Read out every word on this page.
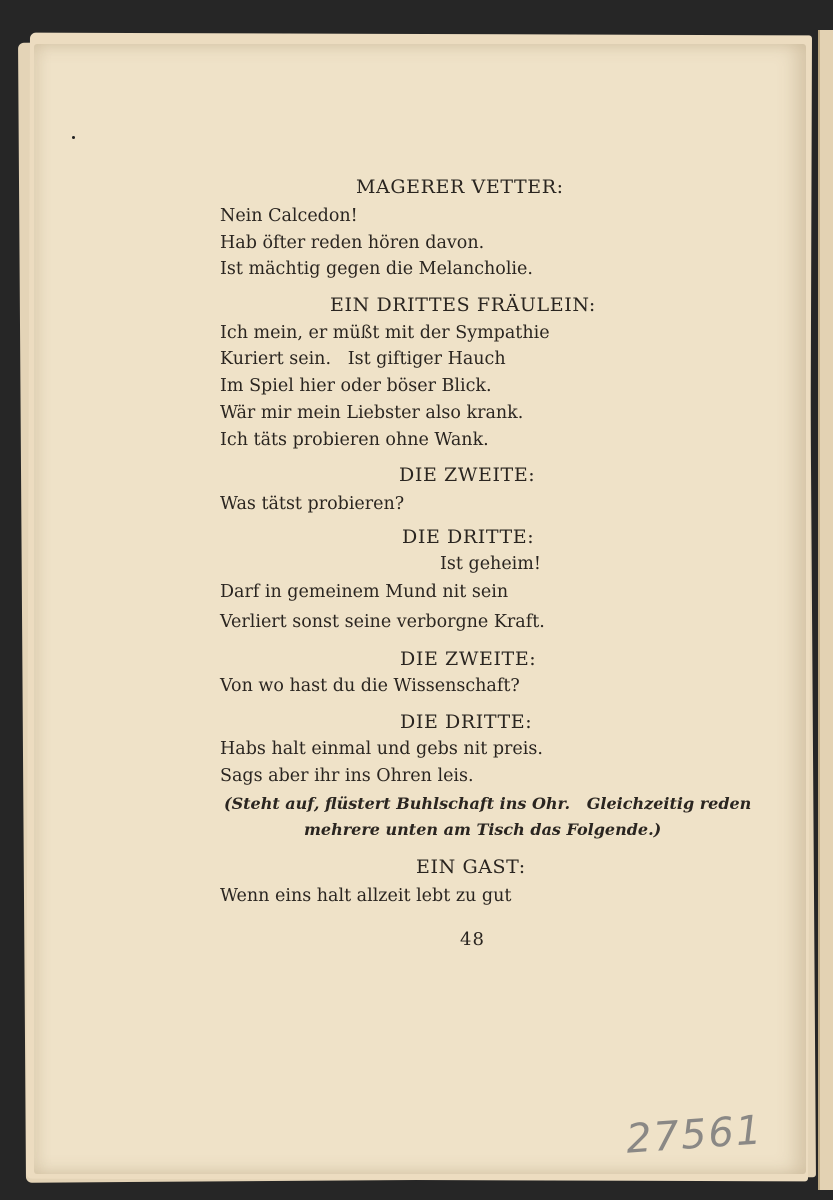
MAGERER VETTER:
Nein Calcedon!
Hab öfter reden hören davon.
Ist mächtig gegen die Melancholie.
EIN DRITTES FRÄULEIN:
Ich mein, er müßt mit der Sympathie
Kuriert sein.   Ist giftiger Hauch
Im Spiel hier oder böser Blick.
Wär mir mein Liebster also krank.
Ich täts probieren ohne Wank.
DIE ZWEITE:
Was tätst probieren?
DIE DRITTE:
Ist geheim!
Darf in gemeinem Mund nit sein
Verliert sonst seine verborgne Kraft.
DIE ZWEITE:
Von wo hast du die Wissenschaft?
DIE DRITTE:
Habs halt einmal und gebs nit preis.
Sags aber ihr ins Ohren leis.
(Steht auf, flüstert Buhlschaft ins Ohr.   Gleichzeitig reden
mehrere unten am Tisch das Folgende.)
EIN GAST:
Wenn eins halt allzeit lebt zu gut
48
27561
